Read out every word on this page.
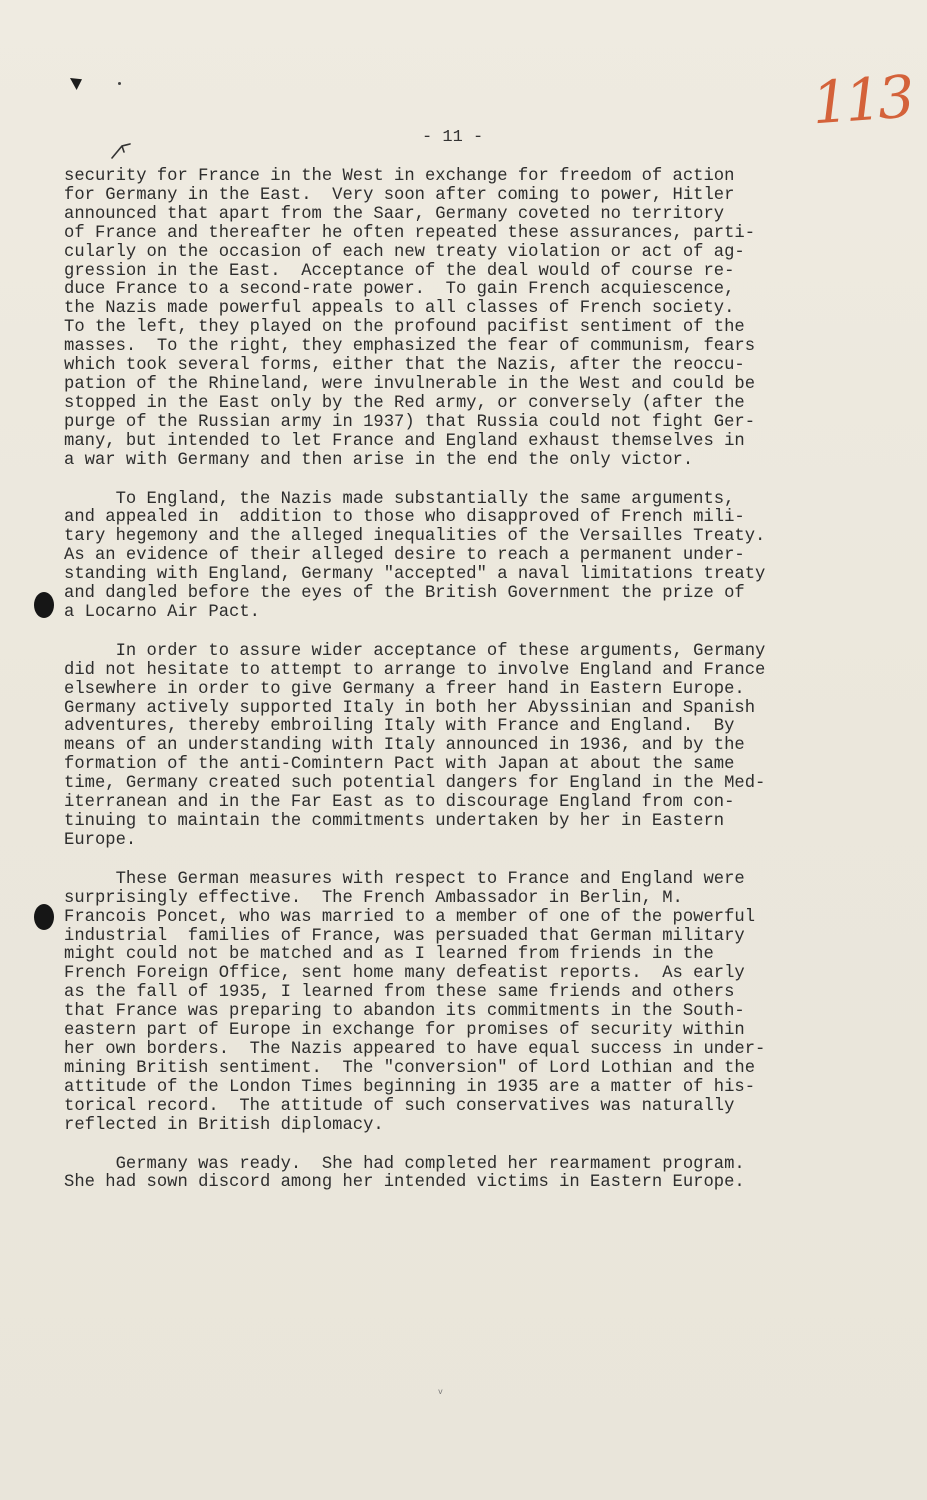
113
- 11 -

security for France in the West in exchange for freedom of action
for Germany in the East.  Very soon after coming to power, Hitler
announced that apart from the Saar, Germany coveted no territory
of France and thereafter he often repeated these assurances, parti-
cularly on the occasion of each new treaty violation or act of ag-
gression in the East.  Acceptance of the deal would of course re-
duce France to a second-rate power.  To gain French acquiescence,
the Nazis made powerful appeals to all classes of French society.
To the left, they played on the profound pacifist sentiment of the
masses.  To the right, they emphasized the fear of communism, fears
which took several forms, either that the Nazis, after the reoccu-
pation of the Rhineland, were invulnerable in the West and could be
stopped in the East only by the Red army, or conversely (after the
purge of the Russian army in 1937) that Russia could not fight Ger-
many, but intended to let France and England exhaust themselves in
a war with Germany and then arise in the end the only victor.

To England, the Nazis made substantially the same arguments,
and appealed in  addition to those who disapproved of French mili-
tary hegemony and the alleged inequalities of the Versailles Treaty.
As an evidence of their alleged desire to reach a permanent under-
standing with England, Germany "accepted" a naval limitations treaty
and dangled before the eyes of the British Government the prize of
a Locarno Air Pact.

In order to assure wider acceptance of these arguments, Germany
did not hesitate to attempt to arrange to involve England and France
elsewhere in order to give Germany a freer hand in Eastern Europe.
Germany actively supported Italy in both her Abyssinian and Spanish
adventures, thereby embroiling Italy with France and England.  By
means of an understanding with Italy announced in 1936, and by the
formation of the anti-Comintern Pact with Japan at about the same
time, Germany created such potential dangers for England in the Med-
iterranean and in the Far East as to discourage England from con-
tinuing to maintain the commitments undertaken by her in Eastern
Europe.

These German measures with respect to France and England were
surprisingly effective.  The French Ambassador in Berlin, M.
Francois Poncet, who was married to a member of one of the powerful
industrial  families of France, was persuaded that German military
might could not be matched and as I learned from friends in the
French Foreign Office, sent home many defeatist reports.  As early
as the fall of 1935, I learned from these same friends and others
that France was preparing to abandon its commitments in the South-
eastern part of Europe in exchange for promises of security within
her own borders.  The Nazis appeared to have equal success in under-
mining British sentiment.  The "conversion" of Lord Lothian and the
attitude of the London Times beginning in 1935 are a matter of his-
torical record.  The attitude of such conservatives was naturally
reflected in British diplomacy.

Germany was ready.  She had completed her rearmament program.
She had sown discord among her intended victims in Eastern Europe.

v
